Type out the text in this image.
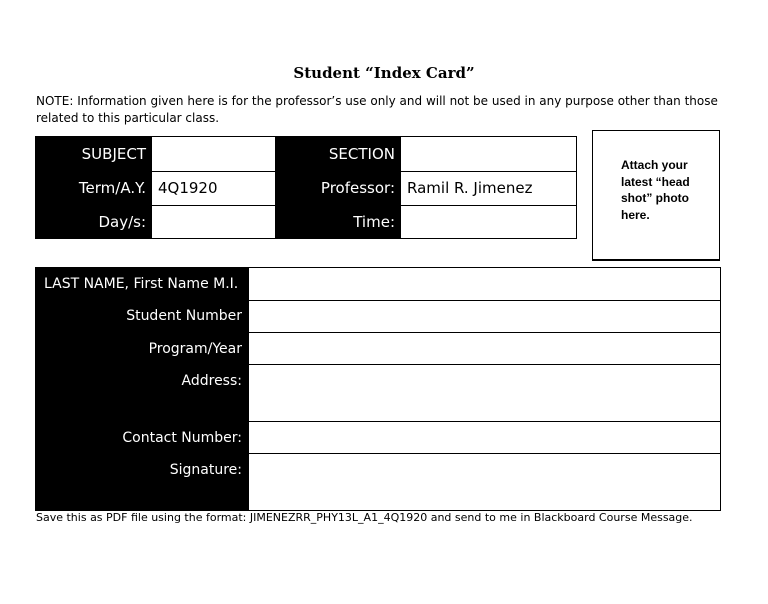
Student “Index Card”
NOTE: Information given here is for the professor’s use only and will not be used in any purpose other than those related to this particular class.
SUBJECT	SECTION
Term/A.Y. 4Q1920	Professor: Ramil R. Jimenez
Day/s:	Time:
Attach your latest “head shot” photo here.
LAST NAME, First Name M.I.
Student Number
Program/Year
Address:
Contact Number:
Signature:
Save this as PDF file using the format: JIMENEZRR_PHY13L_A1_4Q1920 and send to me in Blackboard Course Message.
